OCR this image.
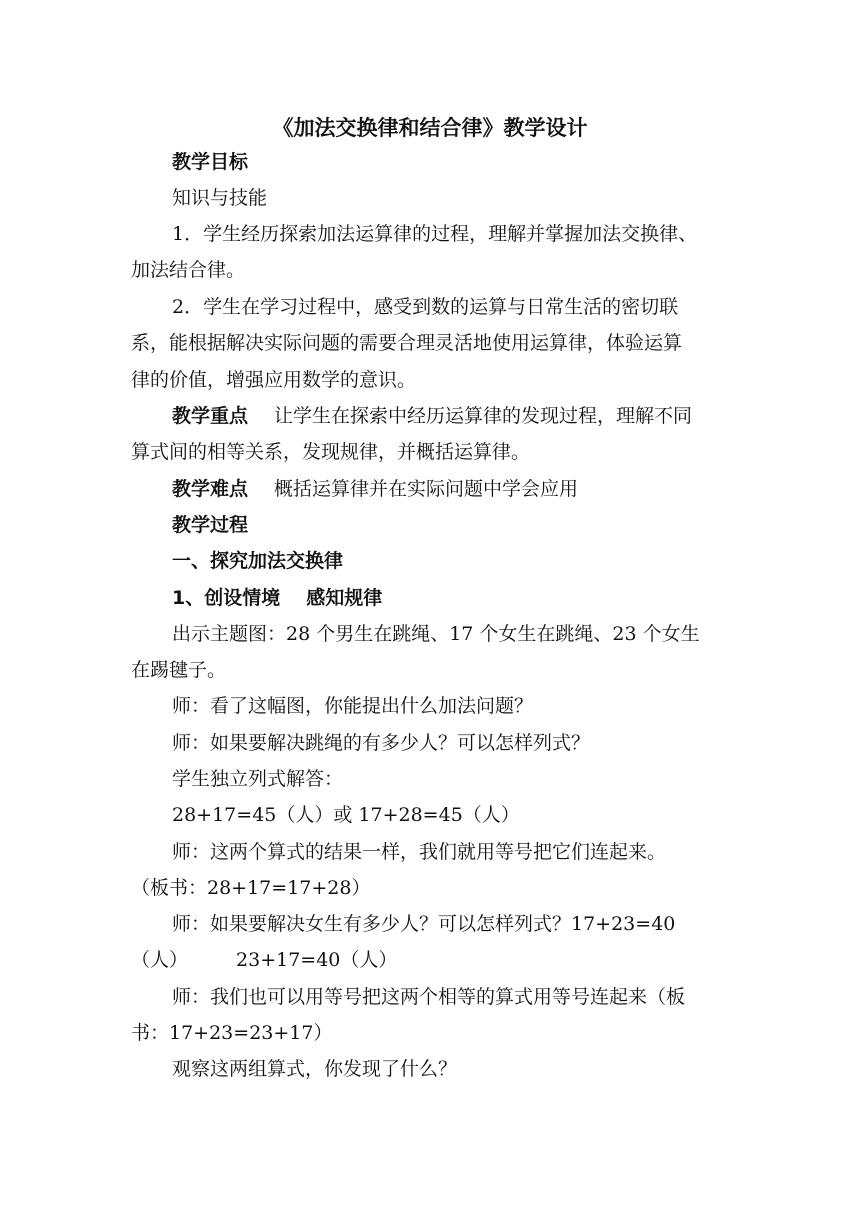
《加法交换律和结合律》教学设计
教学目标
知识与技能
1．学生经历探索加法运算律的过程，理解并掌握加法交换律、
加法结合律。
2．学生在学习过程中，感受到数的运算与日常生活的密切联
系，能根据解决实际问题的需要合理灵活地使用运算律，体验运算
律的价值，增强应用数学的意识。
教学重点 让学生在探索中经历运算律的发现过程，理解不同
算式间的相等关系，发现规律，并概括运算律。
教学难点 概括运算律并在实际问题中学会应用
教学过程
一、探究加法交换律
1、创设情境 感知规律
出示主题图：28 个男生在跳绳、17 个女生在跳绳、23 个女生
在踢毽子。
师：看了这幅图，你能提出什么加法问题？
师：如果要解决跳绳的有多少人？可以怎样列式？
学生独立列式解答：
28+17=45（人）或 17+28=45（人）
师：这两个算式的结果一样，我们就用等号把它们连起来。
（板书：28+17=17+28）
师：如果要解决女生有多少人？可以怎样列式？17+23=40
（人）	23+17=40（人）
师：我们也可以用等号把这两个相等的算式用等号连起来（板
书：17+23=23+17）
观察这两组算式，你发现了什么？
